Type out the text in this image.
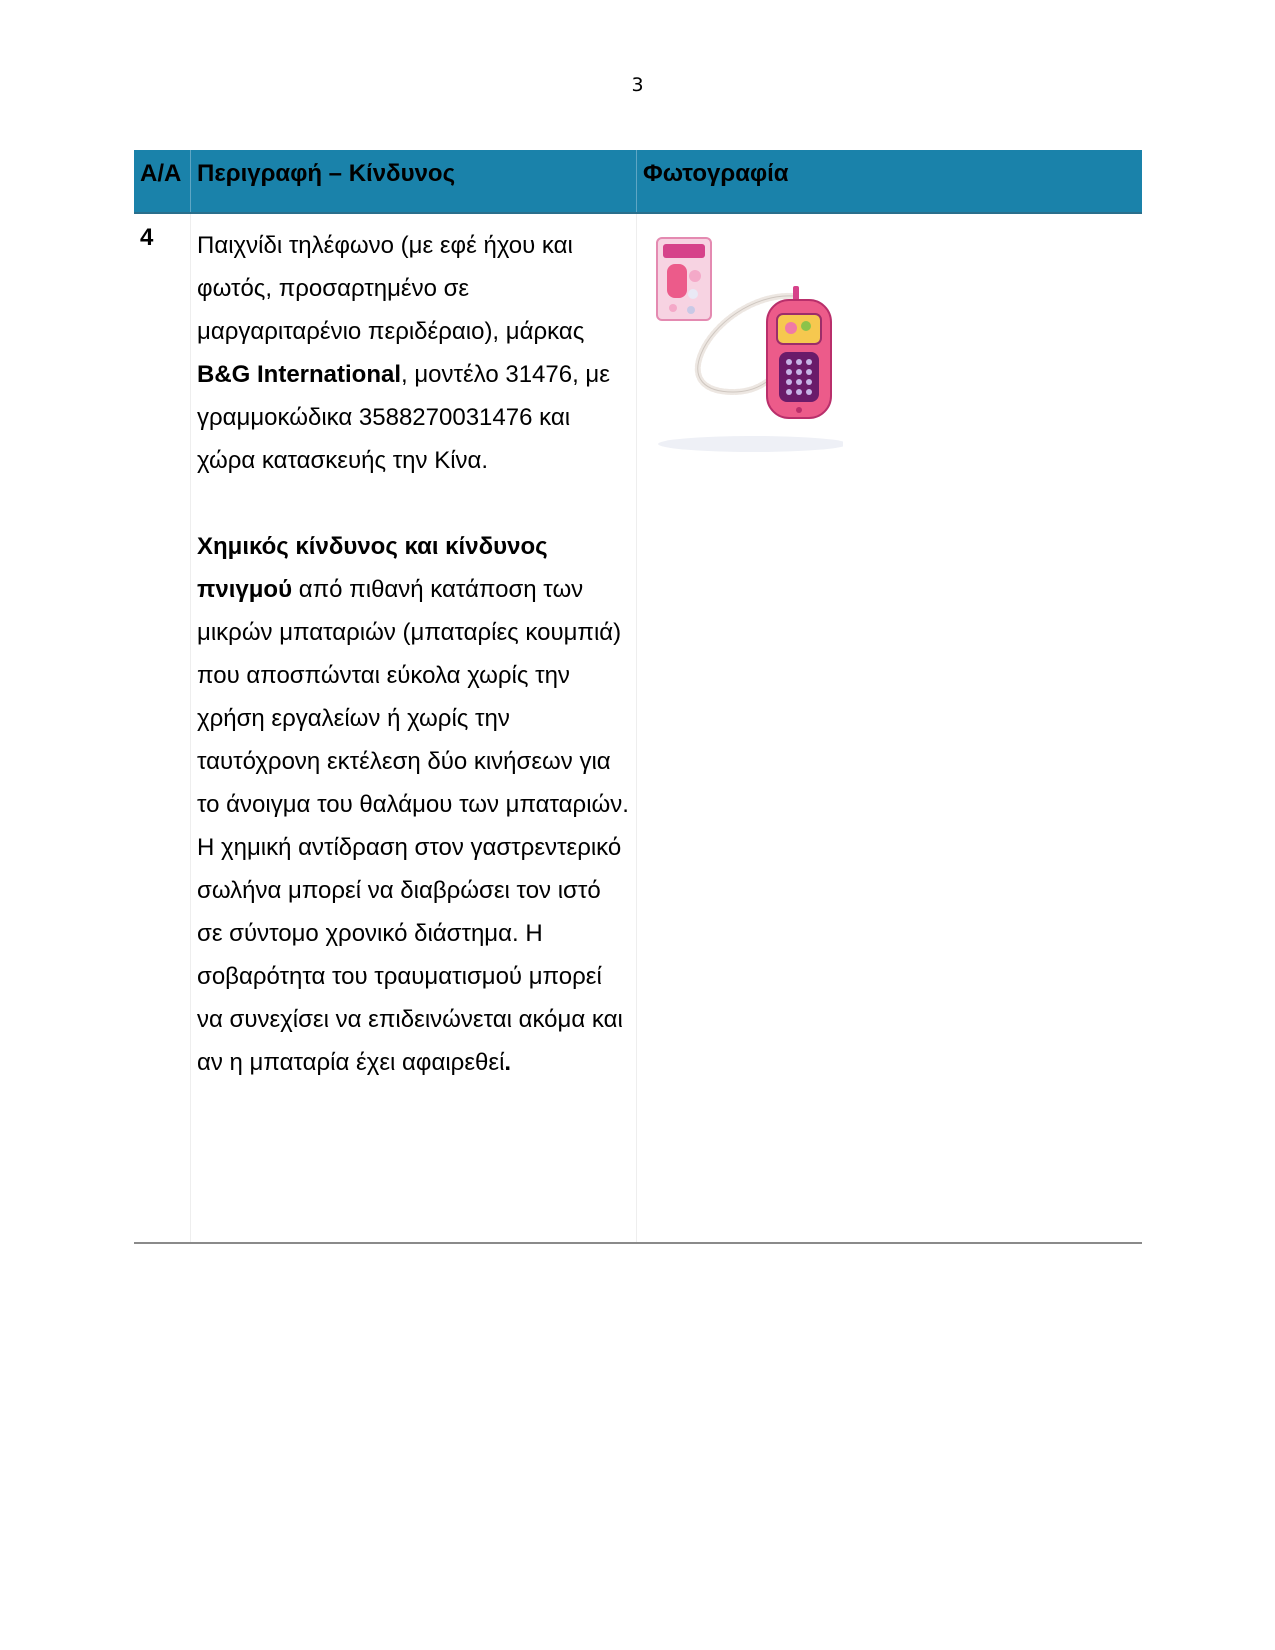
3
A/A Περιγραφή – Κίνδυνος	Φωτογραφία
4	Παιχνίδι τηλέφωνο (με εφέ ήχου και φωτός, προσαρτημένο σε μαργαριταρένιο περιδέραιο), μάρκας B&G International, μοντέλο 31476, με γραμμοκώδικα 3588270031476 και χώρα κατασκευής την Κίνα.

Χημικός κίνδυνος και κίνδυνος πνιγμού από πιθανή κατάποση των μικρών μπαταριών (μπαταρίες κουμπιά) που αποσπώνται εύκολα χωρίς την χρήση εργαλείων ή χωρίς την ταυτόχρονη εκτέλεση δύο κινήσεων για το άνοιγμα του θαλάμου των μπαταριών.

Η χημική αντίδραση στον γαστρεντερικό σωλήνα μπορεί να διαβρώσει τον ιστό σε σύντομο χρονικό διάστημα. Η σοβαρότητα του τραυματισμού μπορεί να συνεχίσει να επιδεινώνεται ακόμα και αν η μπαταρία έχει αφαιρεθεί.
